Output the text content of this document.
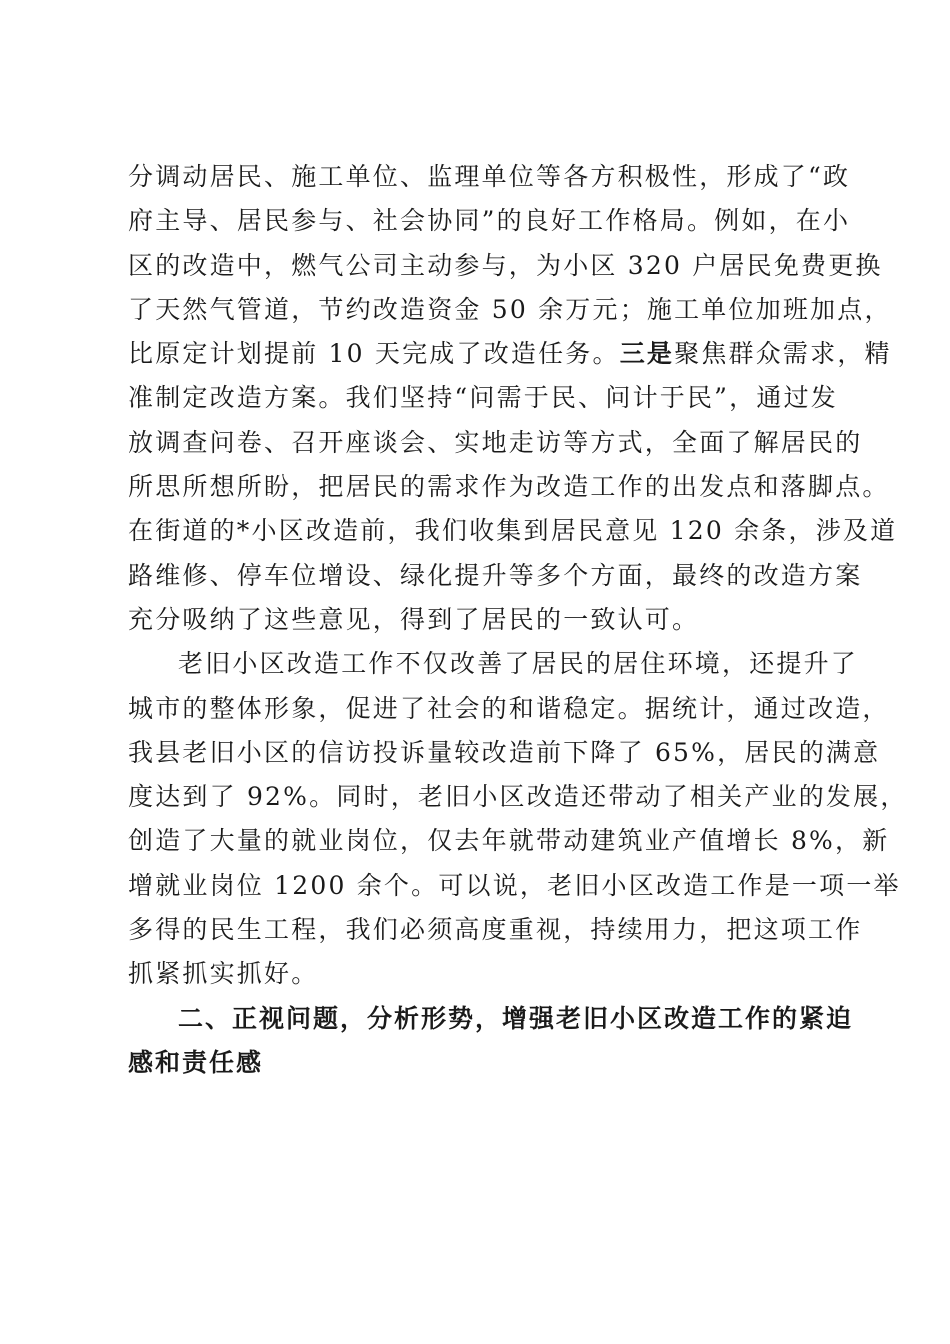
分调动居民、施工单位、监理单位等各方积极性，形成了“政
府主导、居民参与、社会协同”的良好工作格局。例如，在小
区的改造中，燃气公司主动参与，为小区 320 户居民免费更换
了天然气管道，节约改造资金 50 余万元；施工单位加班加点，
比原定计划提前 10 天完成了改造任务。三是聚焦群众需求，精
准制定改造方案。我们坚持“问需于民、问计于民”，通过发
放调查问卷、召开座谈会、实地走访等方式，全面了解居民的
所思所想所盼，把居民的需求作为改造工作的出发点和落脚点。
在街道的*小区改造前，我们收集到居民意见 120 余条，涉及道
路维修、停车位增设、绿化提升等多个方面，最终的改造方案
充分吸纳了这些意见，得到了居民的一致认可。
老旧小区改造工作不仅改善了居民的居住环境，还提升了
城市的整体形象，促进了社会的和谐稳定。据统计，通过改造，
我县老旧小区的信访投诉量较改造前下降了 65%，居民的满意
度达到了 92%。同时，老旧小区改造还带动了相关产业的发展，
创造了大量的就业岗位，仅去年就带动建筑业产值增长 8%，新
增就业岗位 1200 余个。可以说，老旧小区改造工作是一项一举
多得的民生工程，我们必须高度重视，持续用力，把这项工作
抓紧抓实抓好。
二、正视问题，分析形势，增强老旧小区改造工作的紧迫
感和责任感
